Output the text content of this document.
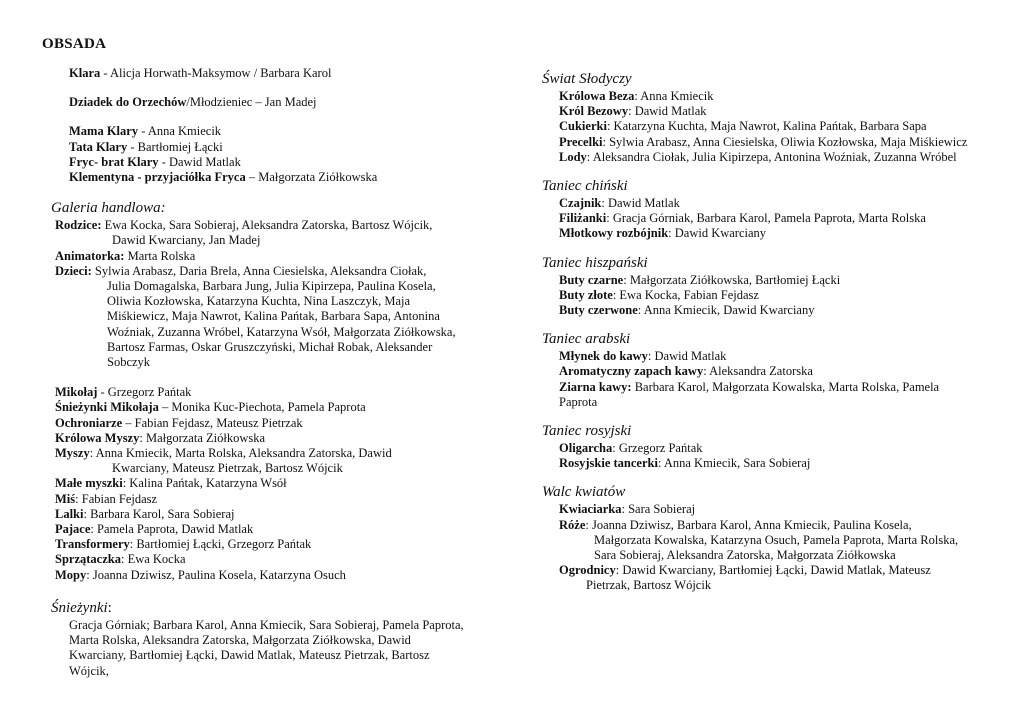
OBSADA
Klara - Alicja Horwath-Maksymow / Barbara Karol
Dziadek do Orzechów/Młodzieniec – Jan Madej
Mama Klary - Anna Kmiecik
Tata Klary - Bartłomiej Łącki
Fryc- brat Klary - Dawid Matlak
Klementyna - przyjaciółka Fryca – Małgorzata Ziółkowska
Galeria handlowa:
Rodzice: Ewa Kocka, Sara Sobieraj, Aleksandra Zatorska, Bartosz Wójcik,
Dawid Kwarciany, Jan Madej
Animatorka: Marta Rolska
Dzieci: Sylwia Arabasz, Daria Brela, Anna Ciesielska, Aleksandra Ciołak,
Julia Domagalska, Barbara Jung, Julia Kipirzepa, Paulina Kosela,
Oliwia Kozłowska, Katarzyna Kuchta, Nina Laszczyk, Maja
Miśkiewicz, Maja Nawrot, Kalina Pańtak, Barbara Sapa, Antonina
Woźniak, Zuzanna Wróbel, Katarzyna Wsół, Małgorzata Ziółkowska,
Bartosz Farmas, Oskar Gruszczyński, Michał Robak, Aleksander
Sobczyk
Mikołaj - Grzegorz Pańtak
Śnieżynki Mikołaja – Monika Kuc-Piechota, Pamela Paprota
Ochroniarze – Fabian Fejdasz, Mateusz Pietrzak
Królowa Myszy: Małgorzata Ziółkowska
Myszy: Anna Kmiecik, Marta Rolska, Aleksandra Zatorska, Dawid
Kwarciany, Mateusz Pietrzak, Bartosz Wójcik
Małe myszki: Kalina Pańtak, Katarzyna Wsół
Miś: Fabian Fejdasz
Lalki: Barbara Karol, Sara Sobieraj
Pajace: Pamela Paprota, Dawid Matlak
Transformery: Bartłomiej Łącki, Grzegorz Pańtak
Sprzątaczka: Ewa Kocka
Mopy: Joanna Dziwisz, Paulina Kosela, Katarzyna Osuch
Śnieżynki:
Gracja Górniak; Barbara Karol, Anna Kmiecik, Sara Sobieraj, Pamela Paprota,
Marta Rolska, Aleksandra Zatorska, Małgorzata Ziółkowska, Dawid
Kwarciany, Bartłomiej Łącki, Dawid Matlak, Mateusz Pietrzak, Bartosz
Wójcik,
Świat Słodyczy
Królowa Beza: Anna Kmiecik
Król Bezowy: Dawid Matlak
Cukierki: Katarzyna Kuchta, Maja Nawrot, Kalina Pańtak, Barbara Sapa
Precelki: Sylwia Arabasz, Anna Ciesielska, Oliwia Kozłowska, Maja Miśkiewicz
Lody: Aleksandra Ciołak, Julia Kipirzepa, Antonina Woźniak, Zuzanna Wróbel
Taniec chiński
Czajnik: Dawid Matlak
Filiżanki: Gracja Górniak, Barbara Karol, Pamela Paprota, Marta Rolska
Młotkowy rozbójnik: Dawid Kwarciany
Taniec hiszpański
Buty czarne: Małgorzata Ziółkowska, Bartłomiej Łącki
Buty złote: Ewa Kocka, Fabian Fejdasz
Buty czerwone: Anna Kmiecik, Dawid Kwarciany
Taniec arabski
Młynek do kawy: Dawid Matlak
Aromatyczny zapach kawy: Aleksandra Zatorska
Ziarna kawy: Barbara Karol, Małgorzata Kowalska, Marta Rolska, Pamela
Paprota
Taniec rosyjski
Oligarcha: Grzegorz Pańtak
Rosyjskie tancerki: Anna Kmiecik, Sara Sobieraj
Walc kwiatów
Kwiaciarka: Sara Sobieraj
Róże: Joanna Dziwisz, Barbara Karol, Anna Kmiecik, Paulina Kosela,
Małgorzata Kowalska, Katarzyna Osuch, Pamela Paprota, Marta Rolska,
Sara Sobieraj, Aleksandra Zatorska, Małgorzata Ziółkowska
Ogrodnicy: Dawid Kwarciany, Bartłomiej Łącki, Dawid Matlak, Mateusz
Pietrzak, Bartosz Wójcik
